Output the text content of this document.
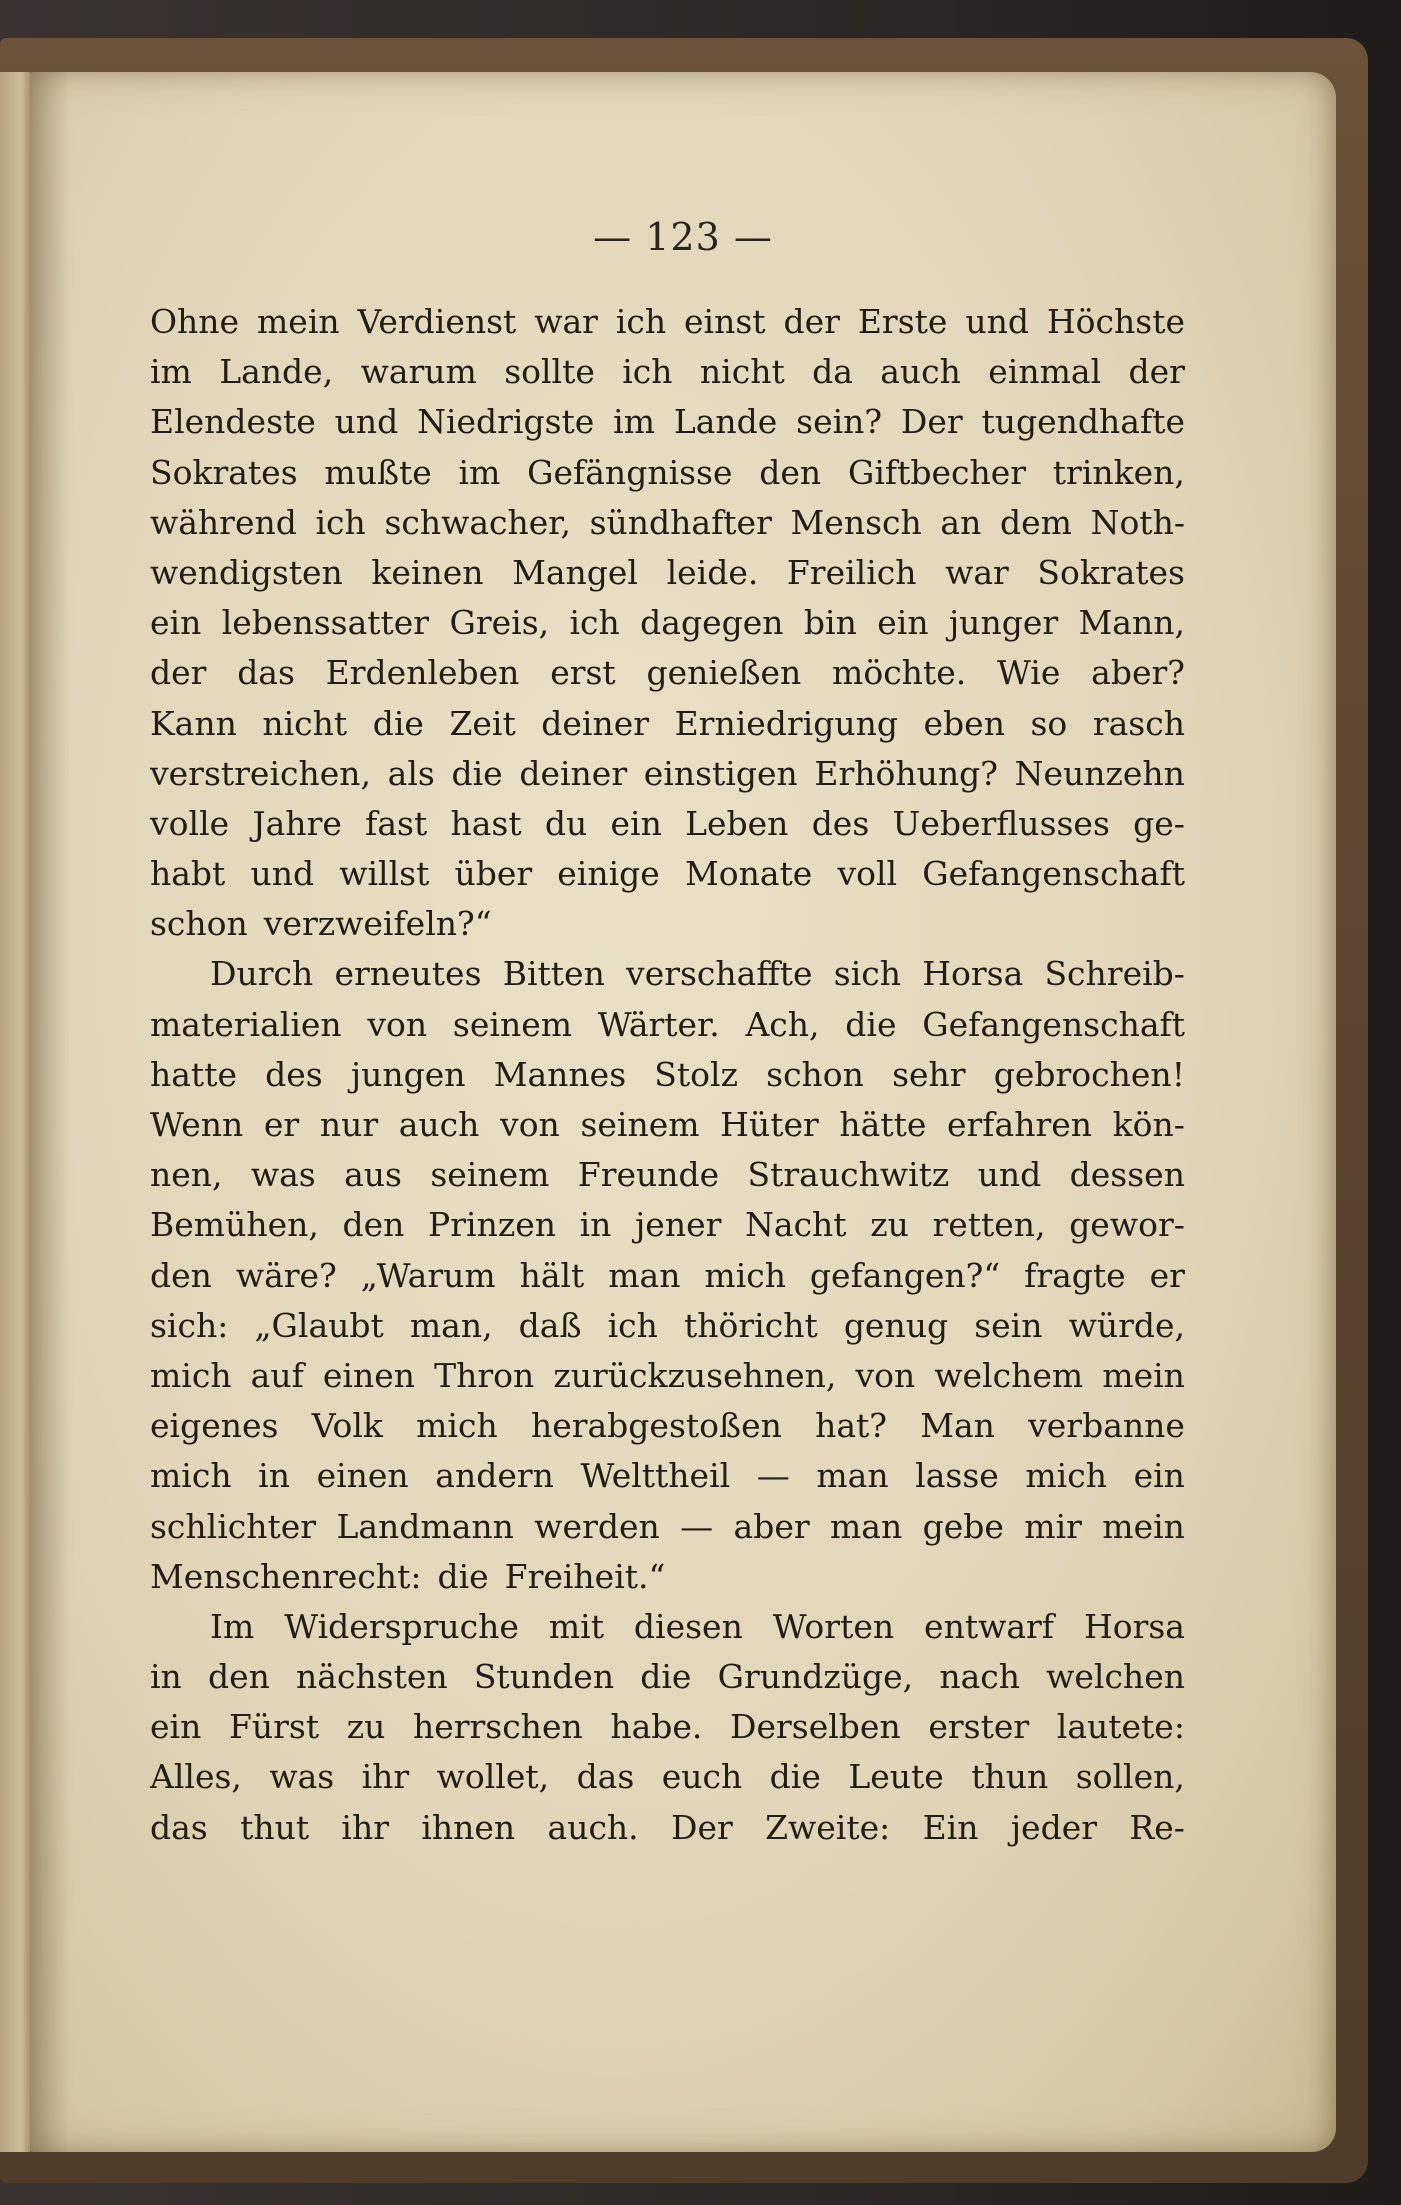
— 123 —
Ohne mein Verdienst war ich einst der Erste und Höchste
im Lande, warum sollte ich nicht da auch einmal der
Elendeste und Niedrigste im Lande sein? Der tugendhafte
Sokrates mußte im Gefängnisse den Giftbecher trinken,
während ich schwacher, sündhafter Mensch an dem Noth-
wendigsten keinen Mangel leide. Freilich war Sokrates
ein lebenssatter Greis, ich dagegen bin ein junger Mann,
der das Erdenleben erst genießen möchte. Wie aber?
Kann nicht die Zeit deiner Erniedrigung eben so rasch
verstreichen, als die deiner einstigen Erhöhung? Neunzehn
volle Jahre fast hast du ein Leben des Ueberflusses ge-
habt und willst über einige Monate voll Gefangenschaft
schon verzweifeln?“
Durch erneutes Bitten verschaffte sich Horsa Schreib-
materialien von seinem Wärter. Ach, die Gefangenschaft
hatte des jungen Mannes Stolz schon sehr gebrochen!
Wenn er nur auch von seinem Hüter hätte erfahren kön-
nen, was aus seinem Freunde Strauchwitz und dessen
Bemühen, den Prinzen in jener Nacht zu retten, gewor-
den wäre? „Warum hält man mich gefangen?“ fragte er
sich: „Glaubt man, daß ich thöricht genug sein würde,
mich auf einen Thron zurückzusehnen, von welchem mein
eigenes Volk mich herabgestoßen hat? Man verbanne
mich in einen andern Welttheil — man lasse mich ein
schlichter Landmann werden — aber man gebe mir mein
Menschenrecht: die Freiheit.“
Im Widerspruche mit diesen Worten entwarf Horsa
in den nächsten Stunden die Grundzüge, nach welchen
ein Fürst zu herrschen habe. Derselben erster lautete:
Alles, was ihr wollet, das euch die Leute thun sollen,
das thut ihr ihnen auch. Der Zweite: Ein jeder Re-
